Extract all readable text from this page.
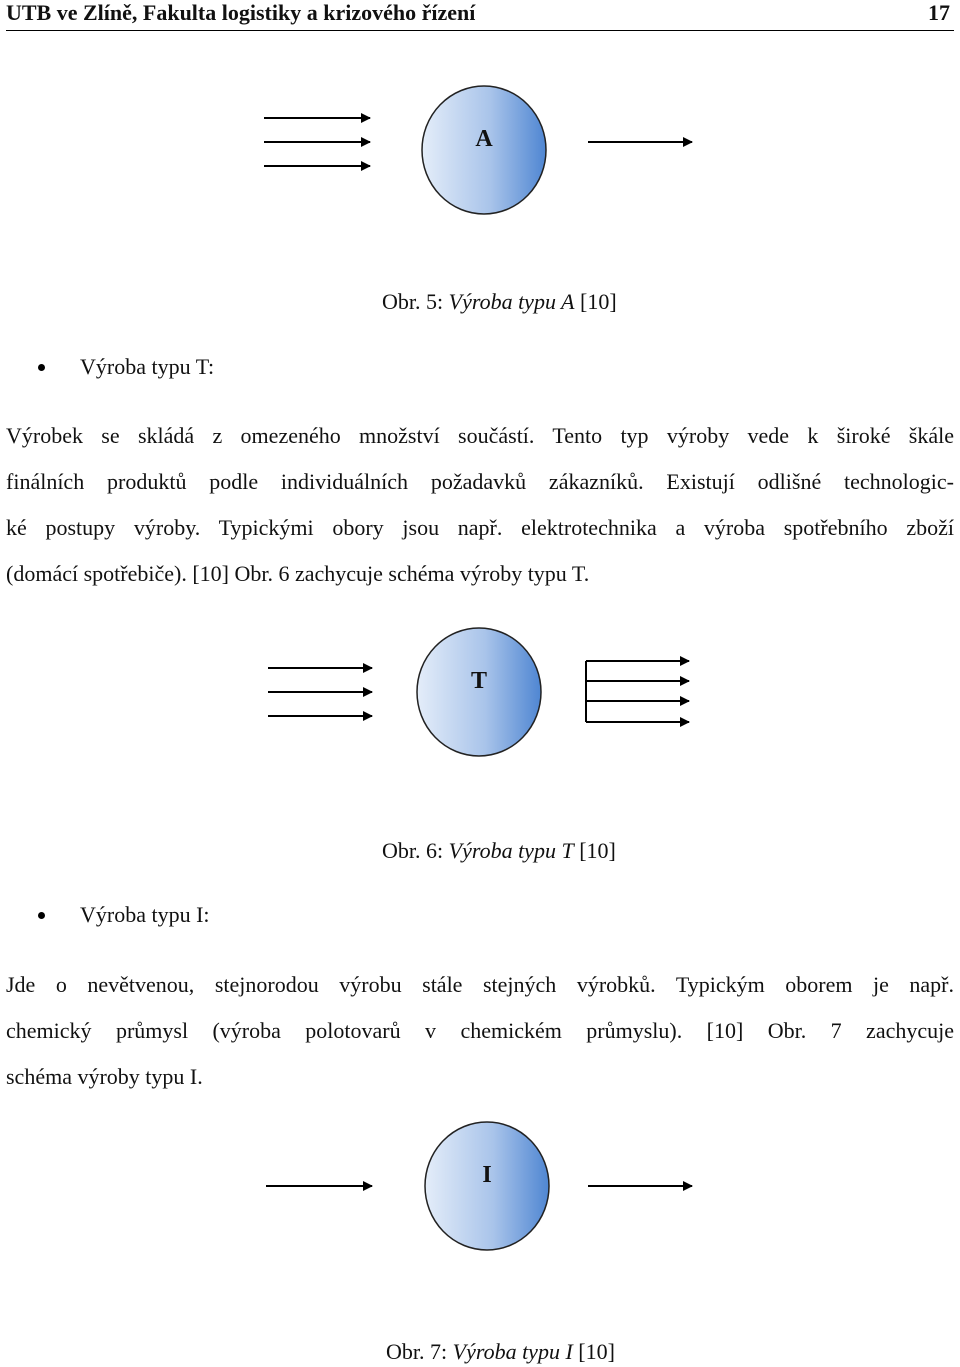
UTB ve Zlíně, Fakulta logistiky a krizového řízení	17
A
T
I
Obr. 5: Výroba typu A [10]
Výroba typu T:
Výrobek se skládá z omezeného množství součástí. Tento typ výroby vede k široké škále
finálních produktů podle individuálních požadavků zákazníků. Existují odlišné technologic-
ké postupy výroby. Typickými obory jsou např. elektrotechnika a výroba spotřebního zboží
(domácí spotřebiče). [10] Obr. 6 zachycuje schéma výroby typu T.
Obr. 6: Výroba typu T [10]
Výroba typu I:
Jde o nevětvenou, stejnorodou výrobu stále stejných výrobků. Typickým oborem je např.
chemický průmysl (výroba polotovarů v chemickém průmyslu). [10] Obr. 7 zachycuje
schéma výroby typu I.
Obr. 7: Výroba typu I [10]
